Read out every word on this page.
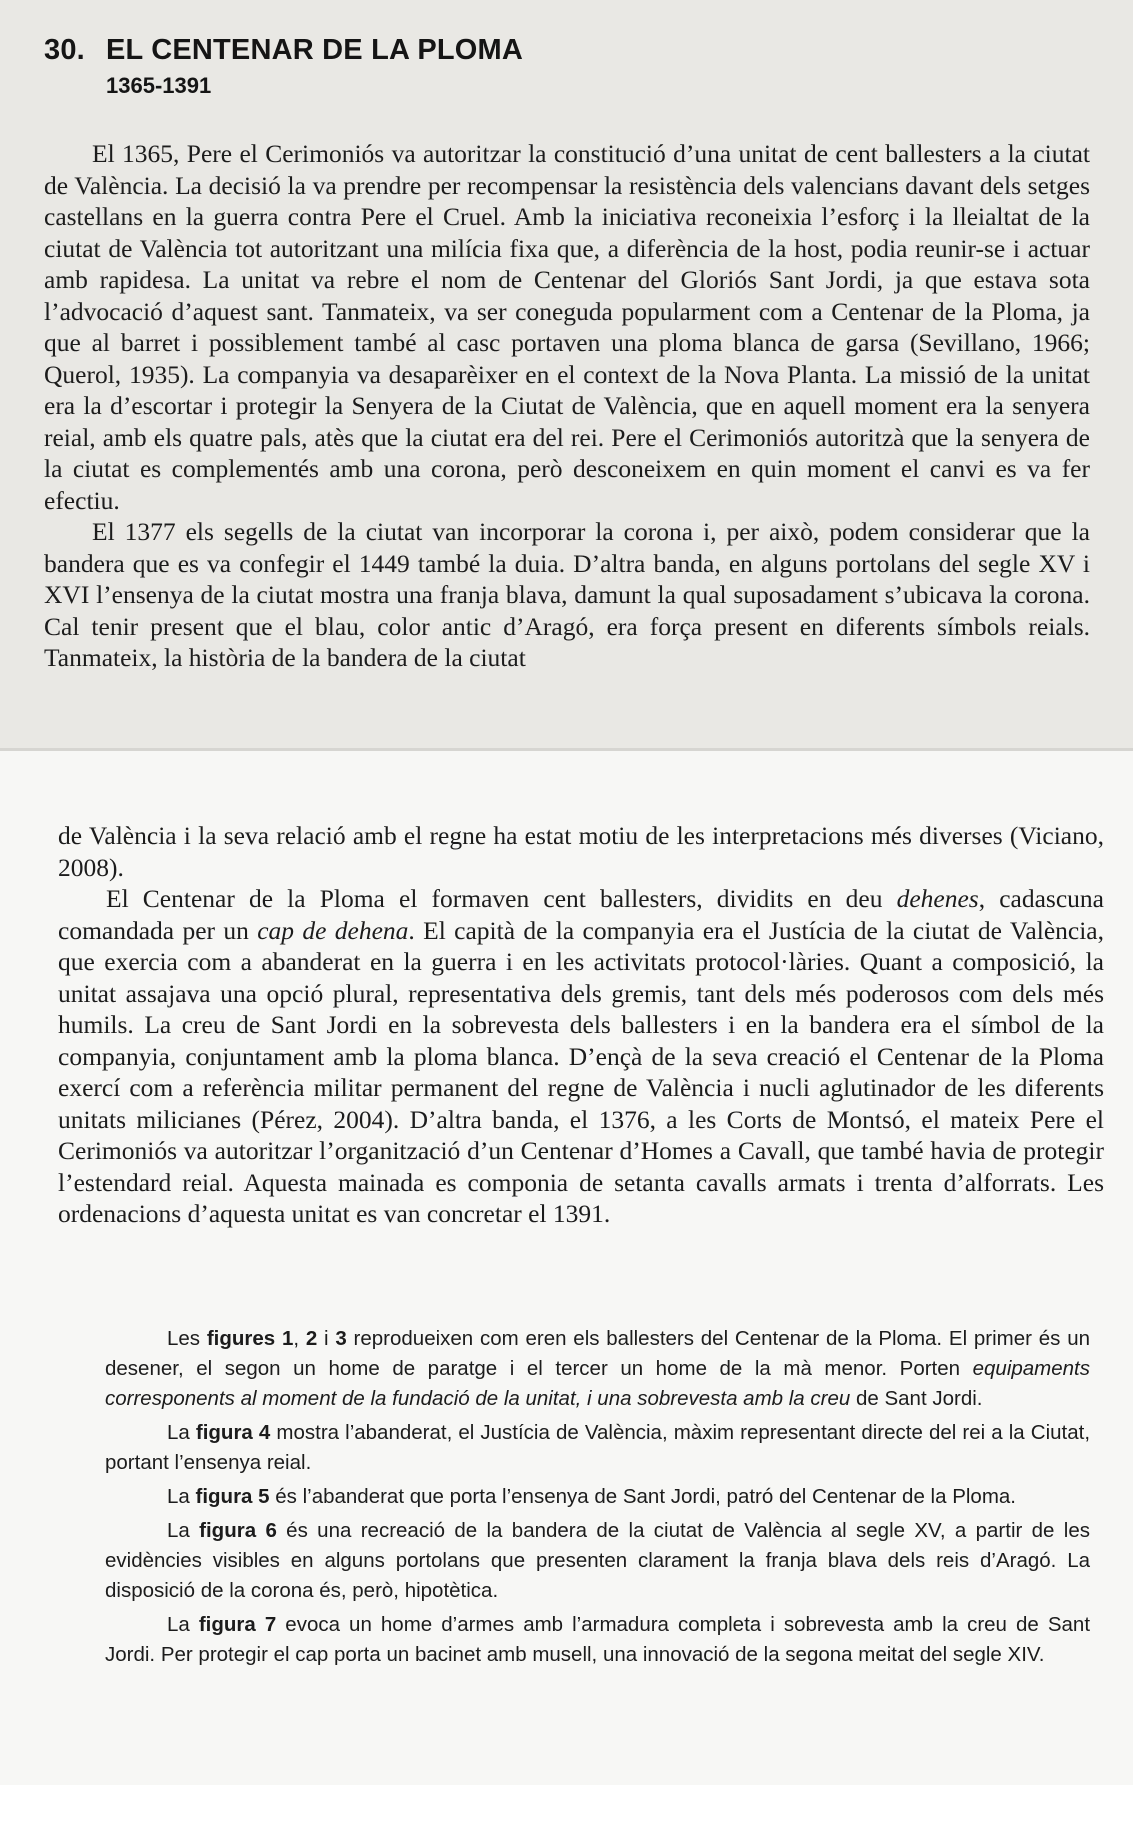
30. EL CENTENAR DE LA PLOMA
1365-1391

El 1365, Pere el Cerimoniós va autoritzar la constitució d’una unitat de cent ballesters a la ciutat de València. La decisió la va prendre per recompensar la resistència dels valencians davant dels setges castellans en la guerra contra Pere el Cruel. Amb la iniciativa reconeixia l’esforç i la lleialtat de la ciutat de València tot autoritzant una milícia fixa que, a diferència de la host, podia reunir-se i actuar amb rapidesa. La unitat va rebre el nom de Centenar del Gloriós Sant Jordi, ja que estava sota l’advocació d’aquest sant. Tanmateix, va ser coneguda popularment com a Centenar de la Ploma, ja que al barret i possiblement també al casc portaven una ploma blanca de garsa (Sevillano, 1966; Querol, 1935). La companyia va desaparèixer en el context de la Nova Planta. La missió de la unitat era la d’escortar i protegir la Senyera de la Ciutat de València, que en aquell moment era la senyera reial, amb els quatre pals, atès que la ciutat era del rei. Pere el Cerimoniós autoritzà que la senyera de la ciutat es complementés amb una corona, però desconeixem en quin moment el canvi es va fer efectiu.

El 1377 els segells de la ciutat van incorporar la corona i, per això, podem considerar que la bandera que es va confegir el 1449 també la duia. D’altra banda, en alguns portolans del segle XV i XVI l’ensenya de la ciutat mostra una franja blava, damunt la qual suposadament s’ubicava la corona. Cal tenir present que el blau, color antic d’Aragó, era força present en diferents símbols reials. Tanmateix, la història de la bandera de la ciutat

de València i la seva relació amb el regne ha estat motiu de les interpretacions més diverses (Viciano, 2008).

El Centenar de la Ploma el formaven cent ballesters, dividits en deu dehenes, cadascuna comandada per un cap de dehena. El capità de la companyia era el Justícia de la ciutat de València, que exercia com a abanderat en la guerra i en les activitats protocol·làries. Quant a composició, la unitat assajava una opció plural, representativa dels gremis, tant dels més poderosos com dels més humils. La creu de Sant Jordi en la sobrevesta dels ballesters i en la bandera era el símbol de la companyia, conjuntament amb la ploma blanca. D’ençà de la seva creació el Centenar de la Ploma exercí com a referència militar permanent del regne de València i nucli aglutinador de les diferents unitats milicianes (Pérez, 2004). D’altra banda, el 1376, a les Corts de Montsó, el mateix Pere el Cerimoniós va autoritzar l’organització d’un Centenar d’Homes a Cavall, que també havia de protegir l’estendard reial. Aquesta mainada es componia de setanta cavalls armats i trenta d’alforrats. Les ordenacions d’aquesta unitat es van concretar el 1391.

Les figures 1, 2 i 3 reprodueixen com eren els ballesters del Centenar de la Ploma. El primer és un desener, el segon un home de paratge i el tercer un home de la mà menor. Porten equipaments corresponents al moment de la fundació de la unitat, i una sobrevesta amb la creu de Sant Jordi.

La figura 4 mostra l’abanderat, el Justícia de València, màxim representant directe del rei a la Ciutat, portant l’ensenya reial.

La figura 5 és l’abanderat que porta l’ensenya de Sant Jordi, patró del Centenar de la Ploma.

La figura 6 és una recreació de la bandera de la ciutat de València al segle XV, a partir de les evidències visibles en alguns portolans que presenten clarament la franja blava dels reis d’Aragó. La disposició de la corona és, però, hipotètica.

La figura 7 evoca un home d’armes amb l’armadura completa i sobrevesta amb la creu de Sant Jordi. Per protegir el cap porta un bacinet amb musell, una innovació de la segona meitat del segle XIV.
